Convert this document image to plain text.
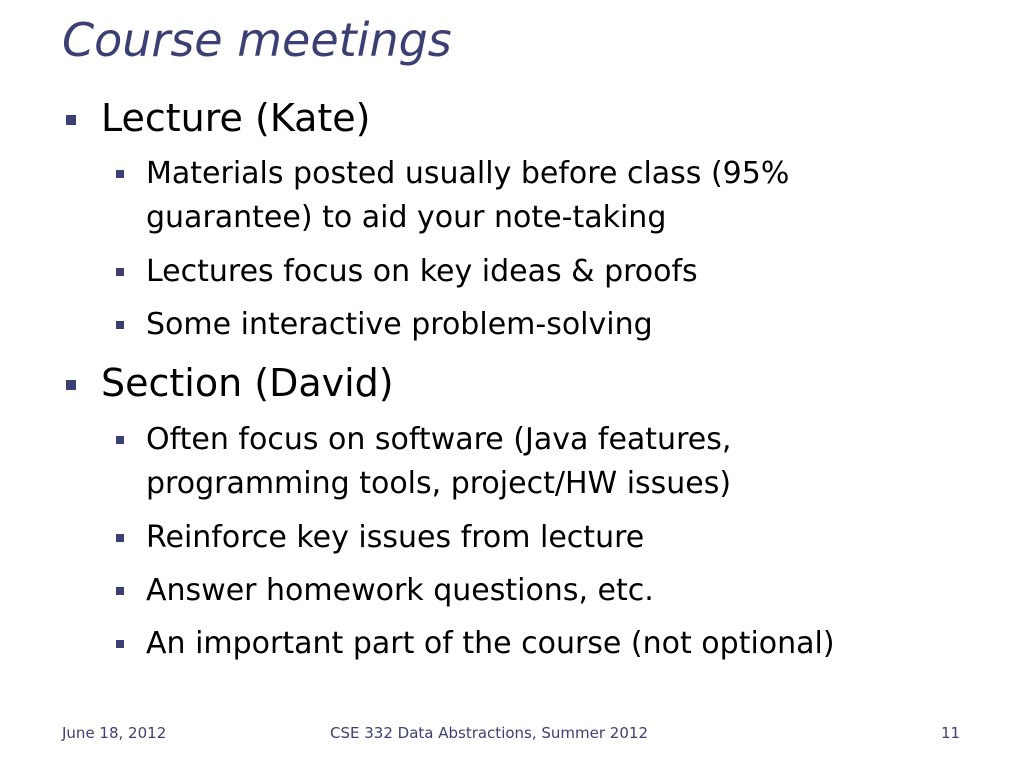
Course meetings
Lecture (Kate)
Materials posted usually before class (95%
guarantee) to aid your note-taking
Lectures focus on key ideas & proofs
Some interactive problem-solving
Section (David)
Often focus on software (Java features,
programming tools, project/HW issues)
Reinforce key issues from lecture
Answer homework questions, etc.
An important part of the course (not optional)
June 18, 2012	CSE 332 Data Abstractions, Summer 2012	11
